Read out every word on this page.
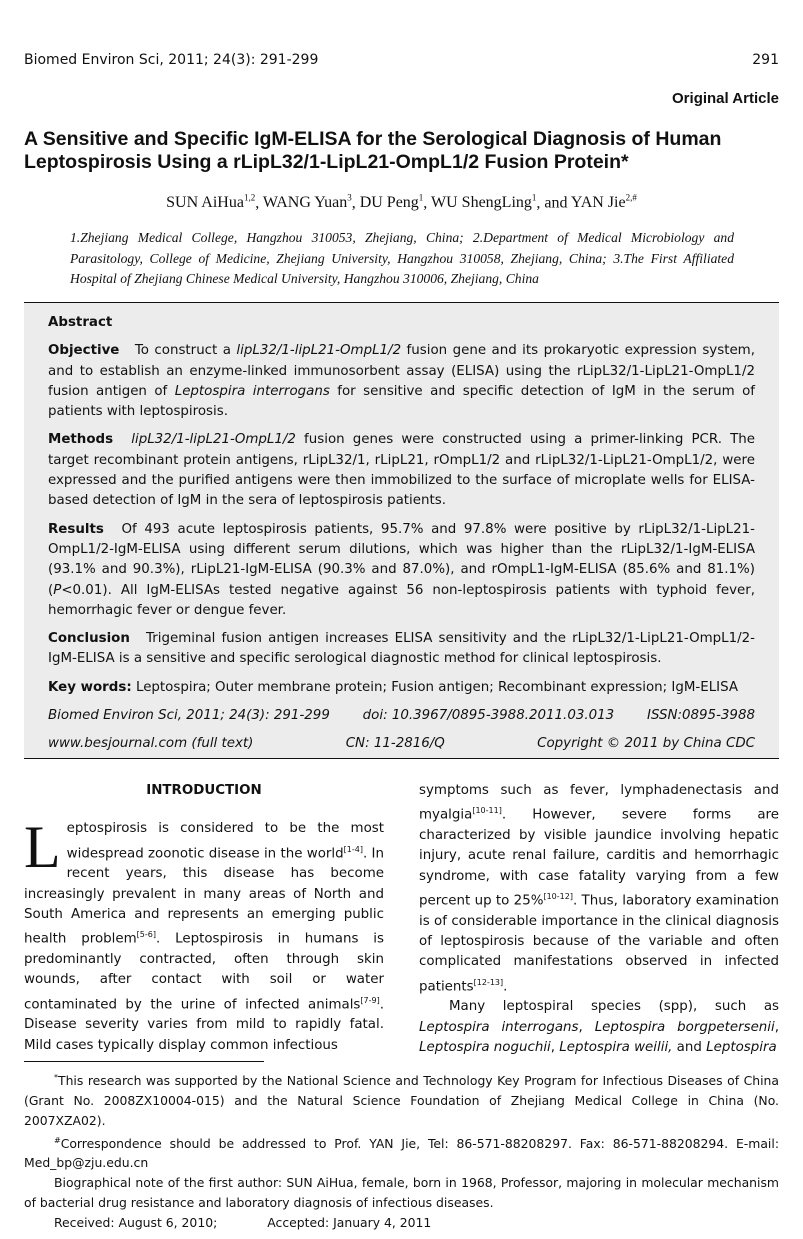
Biomed Environ Sci, 2011; 24(3): 291-299	291
Original Article
A Sensitive and Specific IgM-ELISA for the Serological Diagnosis of Human Leptospirosis Using a rLipL32/1-LipL21-OmpL1/2 Fusion Protein*
SUN AiHua$^{1,2}$, WANG Yuan$^3$, DU Peng$^1$, WU ShengLing$^1$, and YAN Jie$^{2,\#}$

1.Zhejiang Medical College, Hangzhou 310053, Zhejiang, China; 2.Department of Medical Microbiology and Parasitology, College of Medicine, Zhejiang University, Hangzhou 310058, Zhejiang, China; 3.The First Affiliated Hospital of Zhejiang Chinese Medical University, Hangzhou 310006, Zhejiang, China

Abstract

Objective To construct a lipL32/1-lipL21-OmpL1/2 fusion gene and its prokaryotic expression system, and to establish an enzyme-linked immunosorbent assay (ELISA) using the rLipL32/1-LipL21-OmpL1/2 fusion antigen of Leptospira interrogans for sensitive and specific detection of IgM in the serum of patients with leptospirosis.

Methods lipL32/1-lipL21-OmpL1/2 fusion genes were constructed using a primer-linking PCR. The target recombinant protein antigens, rLipL32/1, rLipL21, rOmpL1/2 and rLipL32/1-LipL21-OmpL1/2, were expressed and the purified antigens were then immobilized to the surface of microplate wells for ELISA-based detection of IgM in the sera of leptospirosis patients.

Results Of 493 acute leptospirosis patients, 95.7% and 97.8% were positive by rLipL32/1-LipL21-OmpL1/2-IgM-ELISA using different serum dilutions, which was higher than the rLipL32/1-IgM-ELISA (93.1% and 90.3%), rLipL21-IgM-ELISA (90.3% and 87.0%), and rOmpL1-IgM-ELISA (85.6% and 81.1%) (P<0.01). All IgM-ELISAs tested negative against 56 non-leptospirosis patients with typhoid fever, hemorrhagic fever or dengue fever.

Conclusion Trigeminal fusion antigen increases ELISA sensitivity and the rLipL32/1-LipL21-OmpL1/2-IgM-ELISA is a sensitive and specific serological diagnostic method for clinical leptospirosis.

Key words: Leptospira; Outer membrane protein; Fusion antigen; Recombinant expression; IgM-ELISA

Biomed Environ Sci, 2011; 24(3): 291-299 doi: 10.3967/0895-3988.2011.03.013 ISSN:0895-3988

www.besjournal.com (full text)	CN: 11-2816/Q	Copyright © 2011 by China CDC

INTRODUCTION

Leptospirosis is considered to be the most widespread zoonotic disease in the world[1-4]. In recent years, this disease has become increasingly prevalent in many areas of North and South America and represents an emerging public health problem[5-6]. Leptospirosis in humans is predominantly contracted, often through skin wounds, after contact with soil or water contaminated by the urine of infected animals[7-9]. Disease severity varies from mild to rapidly fatal. Mild cases typically display common infectious

symptoms such as fever, lymphadenectasis and myalgia[10-11]. However, severe forms are characterized by visible jaundice involving hepatic injury, acute renal failure, carditis and hemorrhagic syndrome, with case fatality varying from a few percent up to 25%[10-12]. Thus, laboratory examination is of considerable importance in the clinical diagnosis of leptospirosis because of the variable and often complicated manifestations observed in infected patients[12-13].

Many leptospiral species (spp), such as Leptospira interrogans, Leptospira borgpetersenii, Leptospira noguchii, Leptospira weilii, and Leptospira

*This research was supported by the National Science and Technology Key Program for Infectious Diseases of China (Grant No. 2008ZX10004-015) and the Natural Science Foundation of Zhejiang Medical College in China (No. 2007XZA02).

#Correspondence should be addressed to Prof. YAN Jie, Tel: 86-571-88208297. Fax: 86-571-88208294. E-mail: Med_bp@zju.edu.cn

Biographical note of the first author: SUN AiHua, female, born in 1968, Professor, majoring in molecular mechanism of bacterial drug resistance and laboratory diagnosis of infectious diseases.

Received: August 6, 2010;	Accepted: January 4, 2011
